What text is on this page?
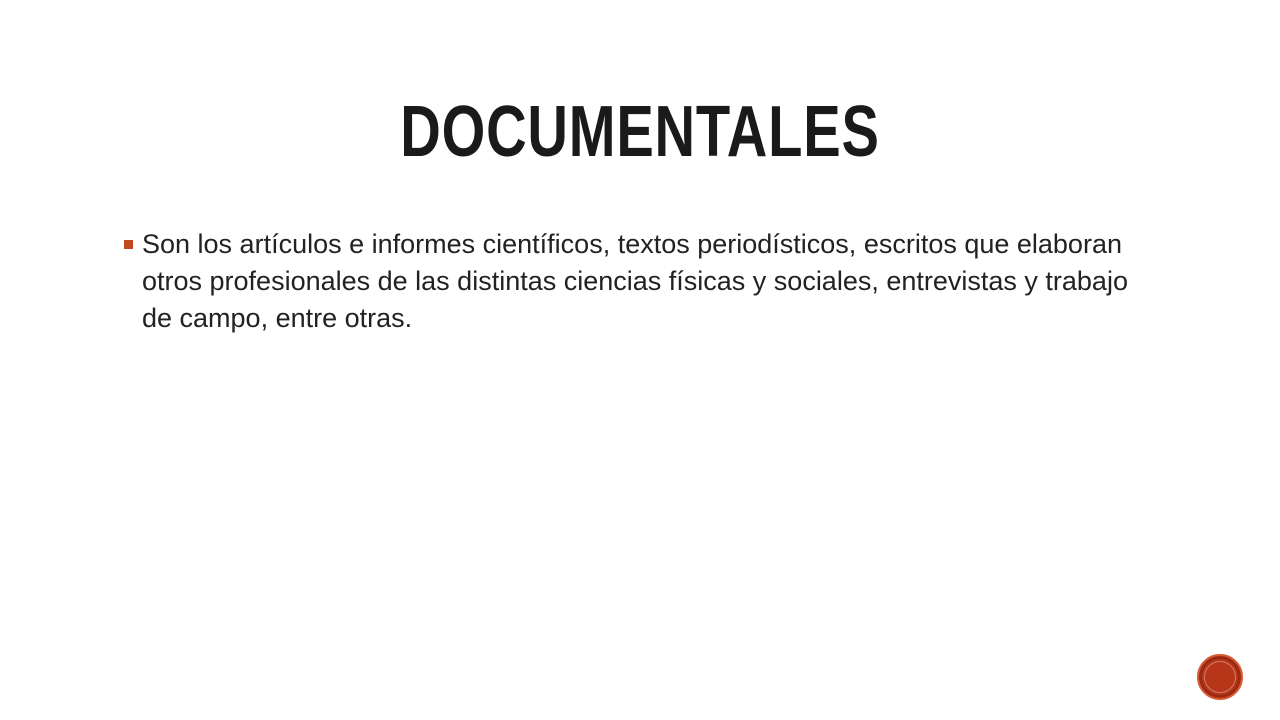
DOCUMENTALES
Son los artículos e informes científicos, textos periodísticos, escritos que elaboran otros profesionales de las distintas ciencias físicas y sociales, entrevistas y trabajo de campo, entre otras.
